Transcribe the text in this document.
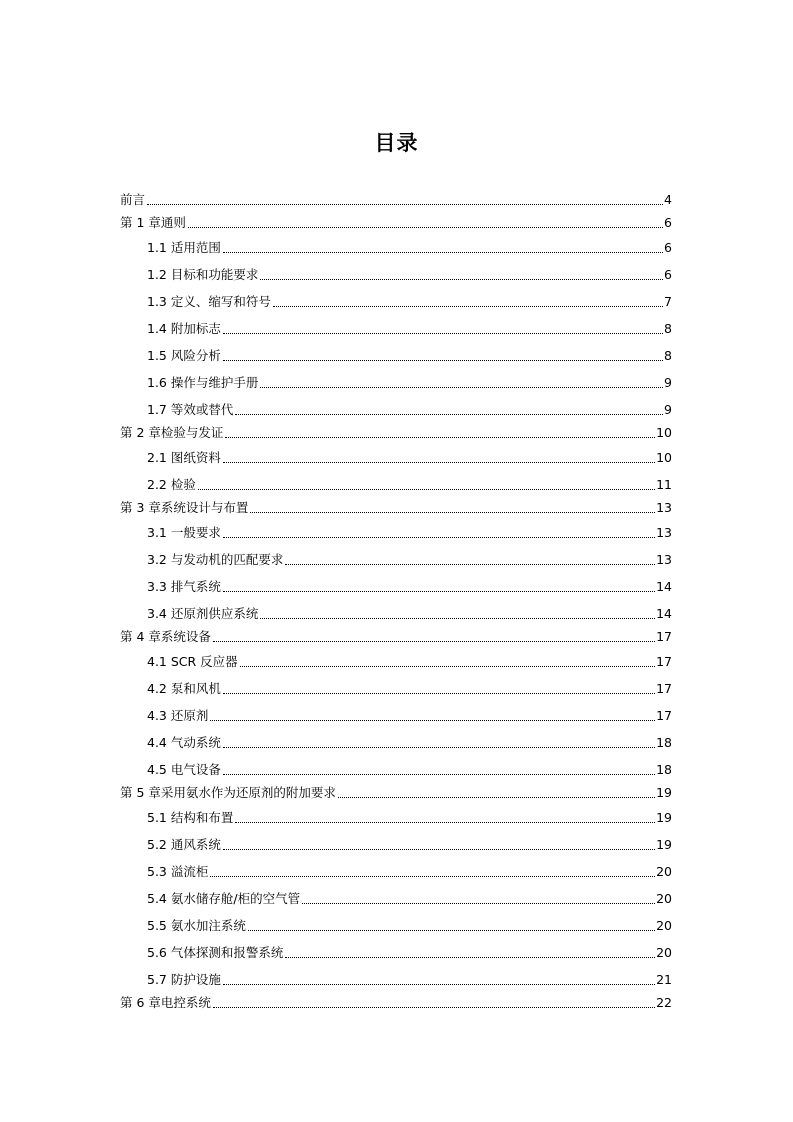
目录
前言	4
第 1 章通则	6
1.1 适用范围	6
1.2 目标和功能要求	6
1.3 定义、缩写和符号	7
1.4 附加标志	8
1.5 风险分析	8
1.6 操作与维护手册	9
1.7 等效或替代	9
第 2 章检验与发证	10
2.1 图纸资料	10
2.2 检验	11
第 3 章系统设计与布置	13
3.1 一般要求	13
3.2 与发动机的匹配要求	13
3.3 排气系统	14
3.4 还原剂供应系统	14
第 4 章系统设备	17
4.1 SCR 反应器	17
4.2 泵和风机	17
4.3 还原剂	17
4.4 气动系统	18
4.5 电气设备	18
第 5 章采用氨水作为还原剂的附加要求	19
5.1 结构和布置	19
5.2 通风系统	19
5.3 溢流柜	20
5.4 氨水储存舱/柜的空气管	20
5.5 氨水加注系统	20
5.6 气体探测和报警系统	20
5.7 防护设施	21
第 6 章电控系统	22
